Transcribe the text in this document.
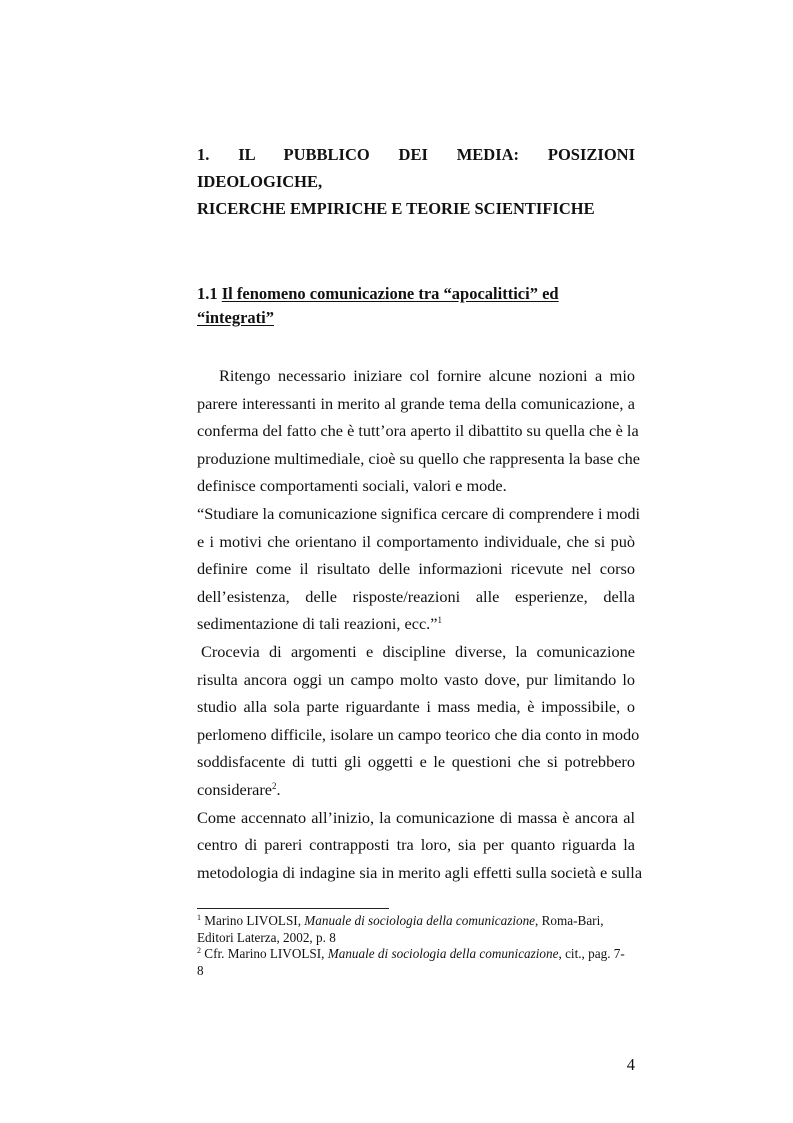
1. IL PUBBLICO DEI MEDIA: POSIZIONI IDEOLOGICHE,
RICERCHE EMPIRICHE E TEORIE SCIENTIFICHE
1.1 Il fenomeno comunicazione tra “apocalittici” ed “integrati”

Ritengo necessario iniziare col fornire alcune nozioni a mio
parere interessanti in merito al grande tema della comunicazione, a
conferma del fatto che è tutt’ora aperto il dibattito su quella che è la
produzione multimediale, cioè su quello che rappresenta la base che
definisce comportamenti sociali, valori e mode.

“Studiare la comunicazione significa cercare di comprendere i modi
e i motivi che orientano il comportamento individuale, che si può
definire come il risultato delle informazioni ricevute nel corso
dell’esistenza, delle risposte/reazioni alle esperienze, della
sedimentazione di tali reazioni, ecc.”$^1$

Crocevia di argomenti e discipline diverse, la comunicazione
risulta ancora oggi un campo molto vasto dove, pur limitando lo
studio alla sola parte riguardante i mass media, è impossibile, o
perlomeno difficile, isolare un campo teorico che dia conto in modo
soddisfacente di tutti gli oggetti e le questioni che si potrebbero
considerare$^2$.

Come accennato all’inizio, la comunicazione di massa è ancora al
centro di pareri contrapposti tra loro, sia per quanto riguarda la
metodologia di indagine sia in merito agli effetti sulla società e sulla

$^1$ Marino LIVOLSI, Manuale di sociologia della comunicazione, Roma-Bari,
Editori Laterza, 2002, p. 8
$^2$ Cfr. Marino LIVOLSI, Manuale di sociologia della comunicazione, cit., pag. 7-
8
4
